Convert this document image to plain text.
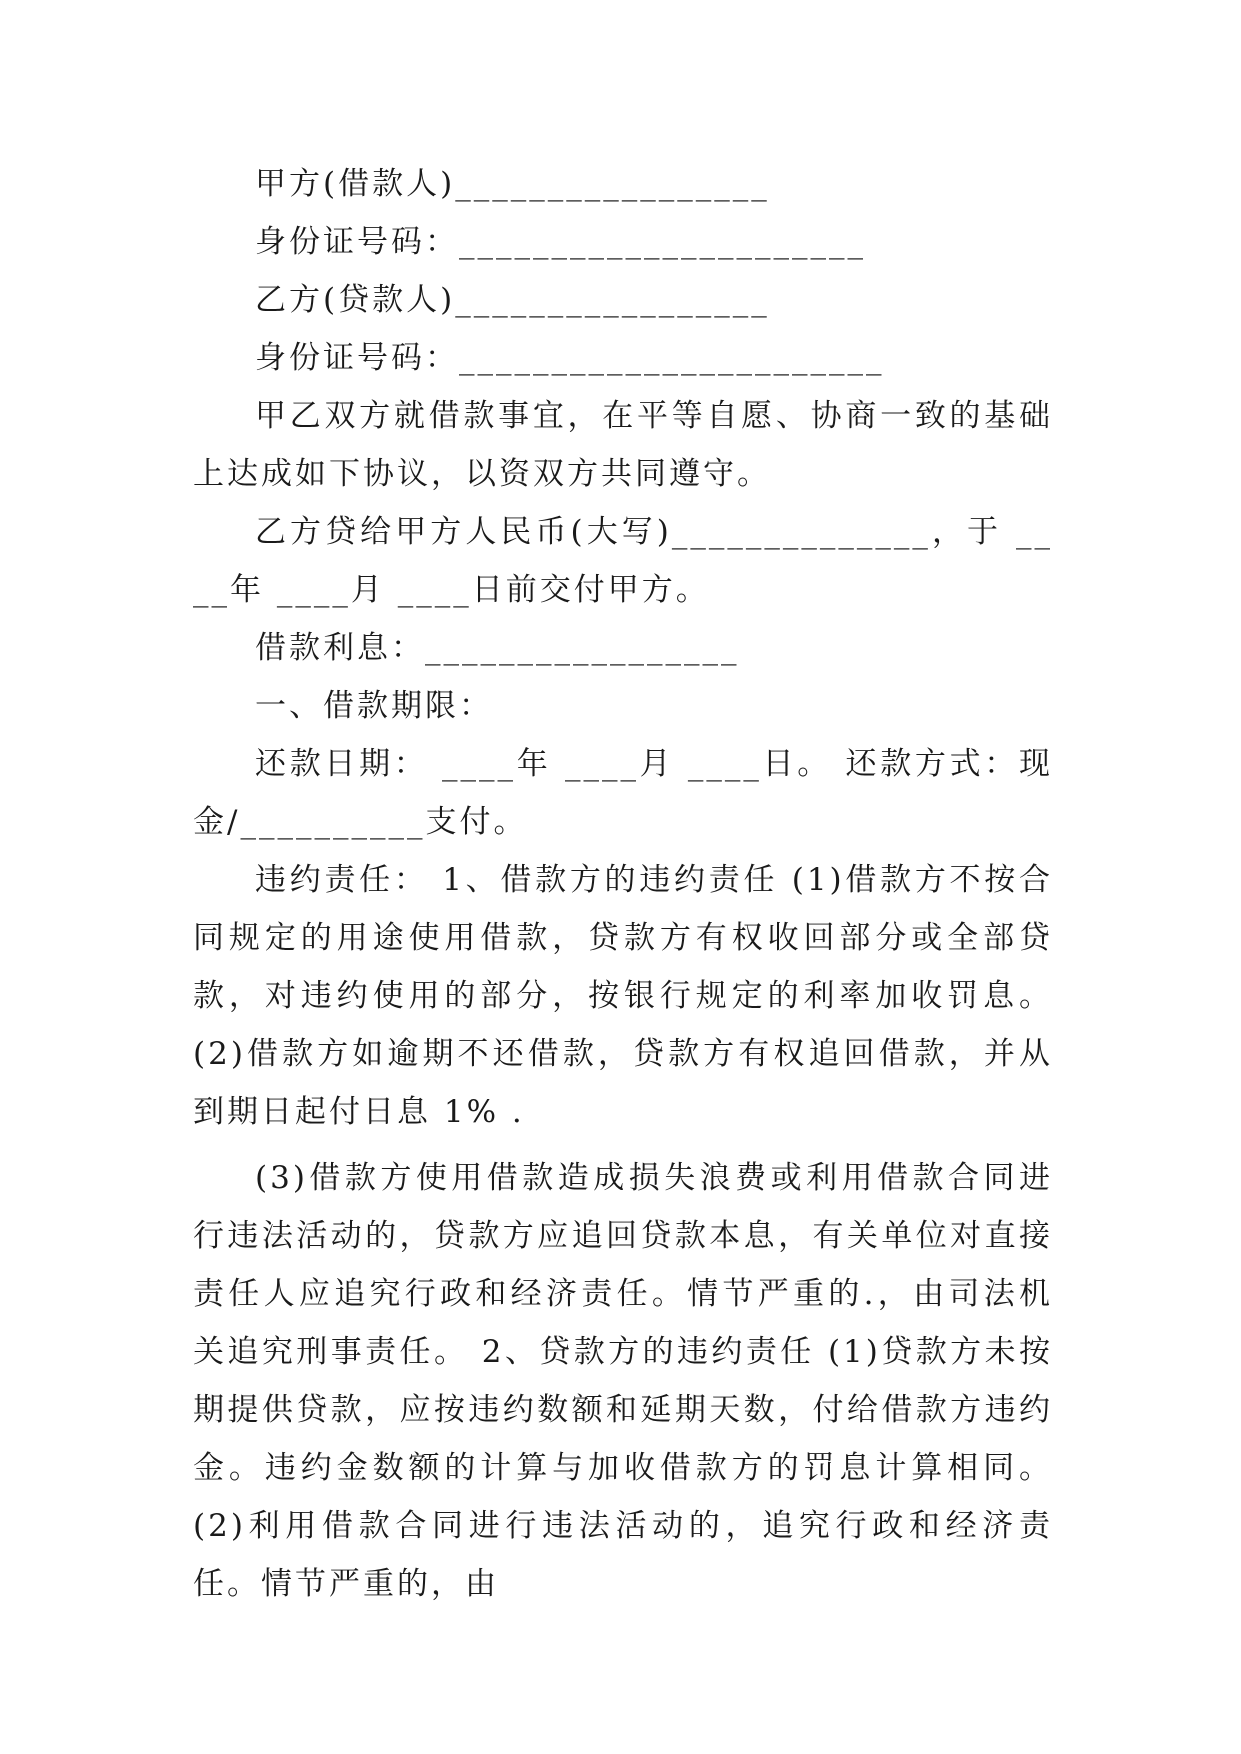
甲方(借款人)_________________

身份证号码：______________________

乙方(贷款人)_________________

身份证号码：_______________________

甲乙双方就借款事宜，在平等自愿、协商一致的基础上达成如下协议，以资双方共同遵守。

乙方贷给甲方人民币(大写)______________，于 ____年 ____月 ____日前交付甲方。

借款利息：_________________

一、借款期限：

还款日期： ____年 ____月 ____日。 还款方式：现金/__________支付。

违约责任： 1、借款方的违约责任 (1)借款方不按合同规定的用途使用借款，贷款方有权收回部分或全部贷款，对违约使用的部分，按银行规定的利率加收罚息。 (2)借款方如逾期不还借款，贷款方有权追回借款，并从到期日起付日息 1% .

(3)借款方使用借款造成损失浪费或利用借款合同进行违法活动的，贷款方应追回贷款本息，有关单位对直接责任人应追究行政和经济责任。情节严重的.，由司法机关追究刑事责任。 2、贷款方的违约责任 (1)贷款方未按期提供贷款，应按违约数额和延期天数，付给借款方违约金。违约金数额的计算与加收借款方的罚息计算相同。 (2)利用借款合同进行违法活动的，追究行政和经济责任。情节严重的，由
